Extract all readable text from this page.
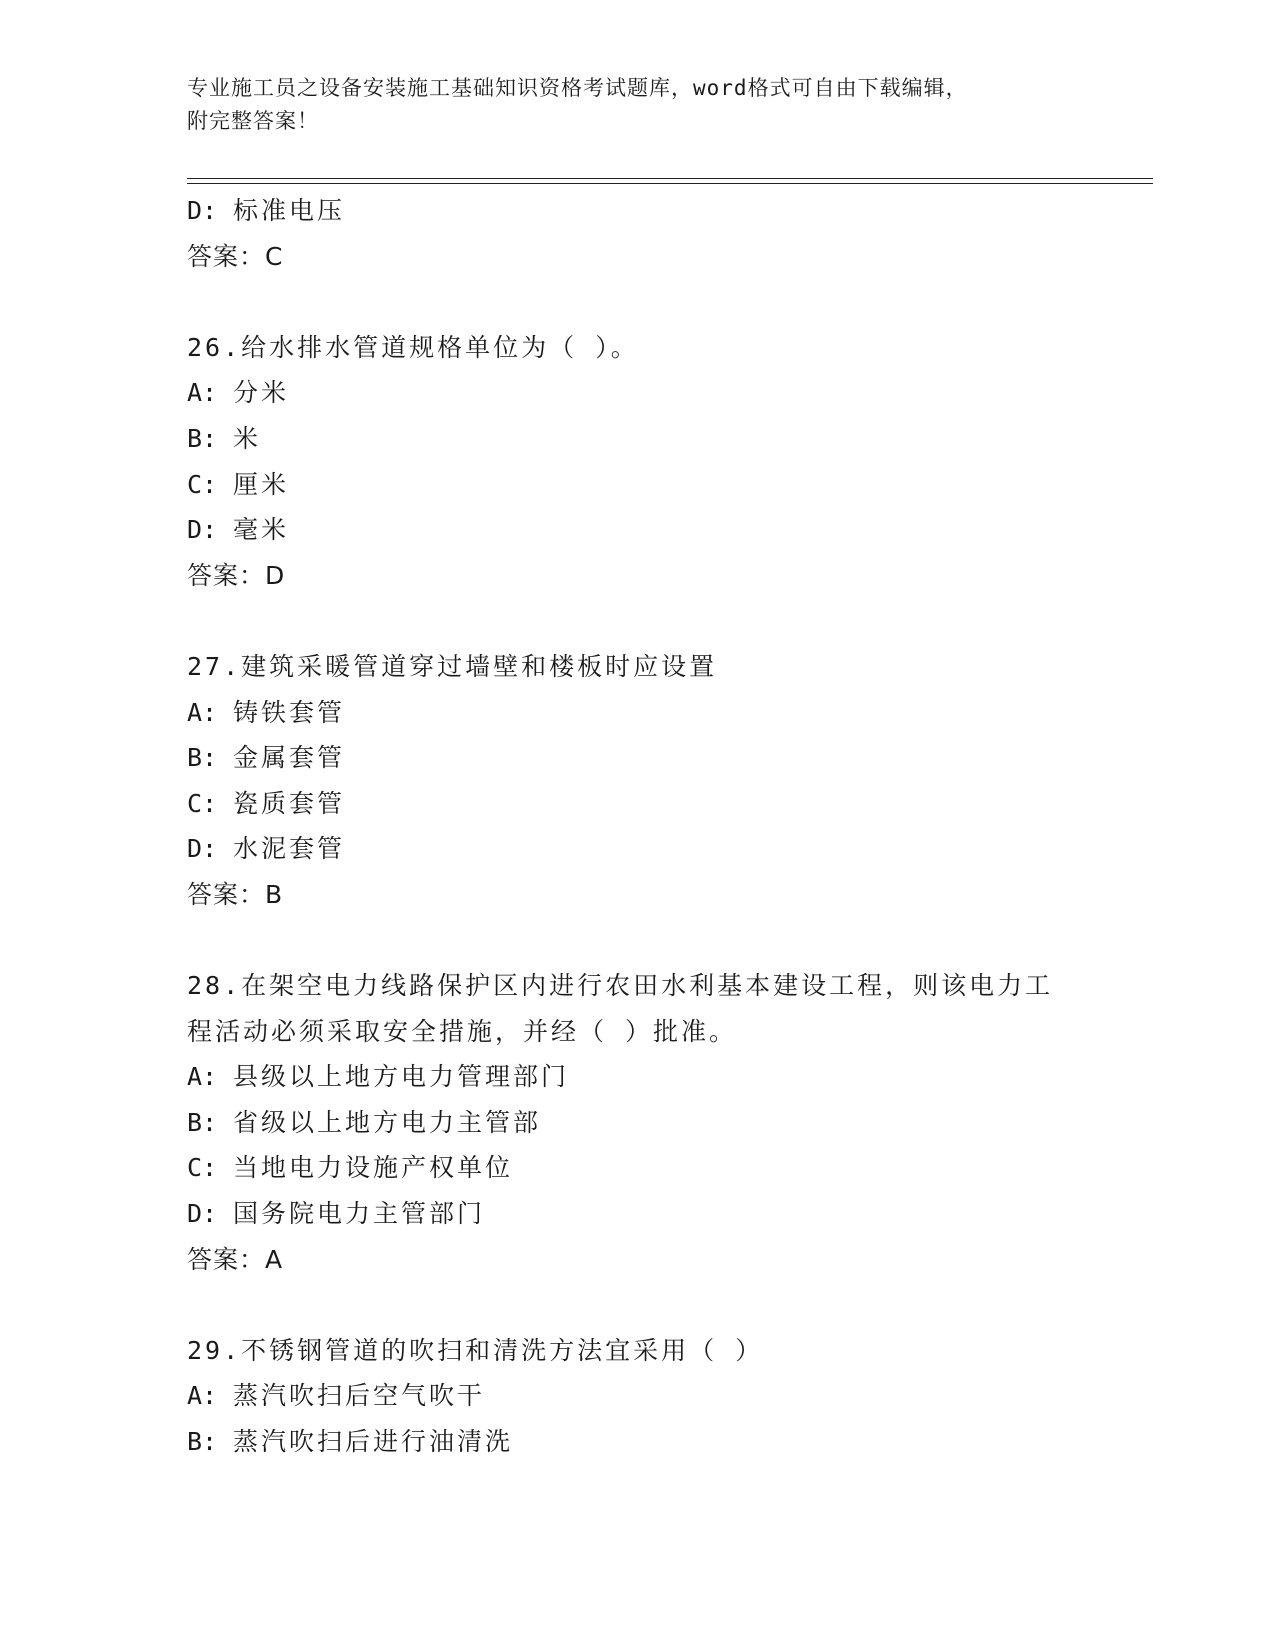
专业施工员之设备安装施工基础知识资格考试题库，word格式可自由下载编辑，
附完整答案！
D: 标准电压
答案：C
26.给水排水管道规格单位为（ ）。
A: 分米
B: 米
C: 厘米
D: 毫米
答案：D
27.建筑采暖管道穿过墙壁和楼板时应设置
A: 铸铁套管
B: 金属套管
C: 瓷质套管
D: 水泥套管
答案：B
28.在架空电力线路保护区内进行农田水利基本建设工程，则该电力工
程活动必须采取安全措施，并经（ ）批准。
A: 县级以上地方电力管理部门
B: 省级以上地方电力主管部
C: 当地电力设施产权单位
D: 国务院电力主管部门
答案：A
29.不锈钢管道的吹扫和清洗方法宜采用（ ）
A: 蒸汽吹扫后空气吹干
B: 蒸汽吹扫后进行油清洗
